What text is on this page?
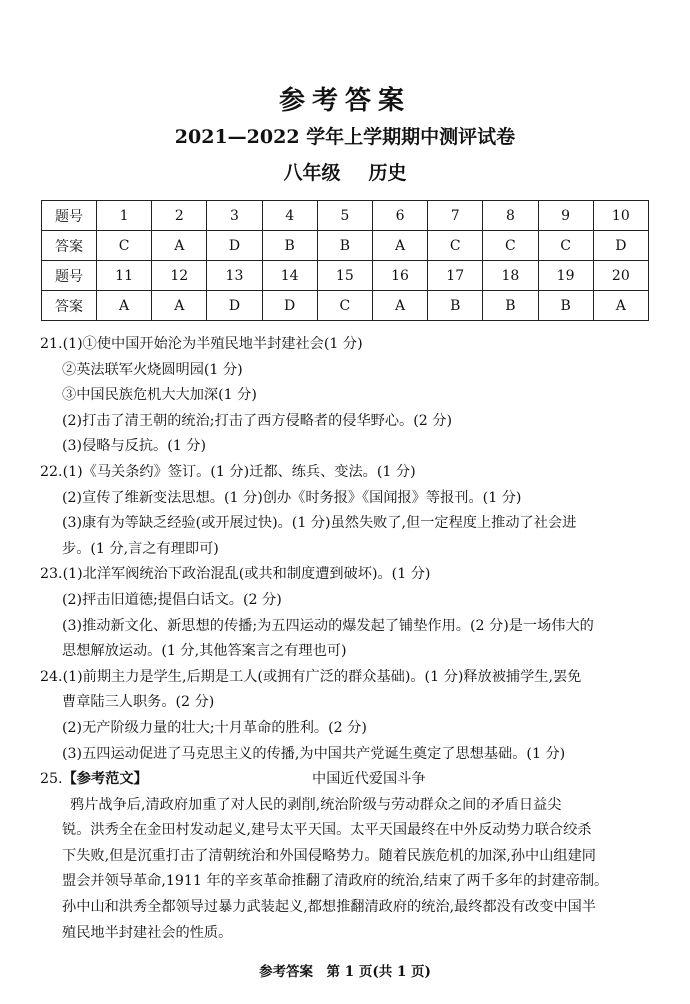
参考答案
2021—2022 学年上学期期中测评试卷
八年级 历史
题号	1	2	3	4	5	6	7	8	9	10
答案	C	A	D	B	B	A	C	C	C	D
题号	11	12	13	14	15	16	17	18	19	20
答案	A	A	D	D	C	A	B	B	B	A
21.(1)①使中国开始沦为半殖民地半封建社会(1 分)
②英法联军火烧圆明园(1 分)
③中国民族危机大大加深(1 分)
(2)打击了清王朝的统治;打击了西方侵略者的侵华野心。(2 分)
(3)侵略与反抗。(1 分)
22.(1)《马关条约》签订。(1 分)迁都、练兵、变法。(1 分)
(2)宣传了维新变法思想。(1 分)创办《时务报》《国闻报》等报刊。(1 分)
(3)康有为等缺乏经验(或开展过快)。(1 分)虽然失败了,但一定程度上推动了社会进
步。(1 分,言之有理即可)
23.(1)北洋军阀统治下政治混乱(或共和制度遭到破坏)。(1 分)
(2)抨击旧道德;提倡白话文。(2 分)
(3)推动新文化、新思想的传播;为五四运动的爆发起了铺垫作用。(2 分)是一场伟大的
思想解放运动。(1 分,其他答案言之有理也可)
24.(1)前期主力是学生,后期是工人(或拥有广泛的群众基础)。(1 分)释放被捕学生,罢免
曹章陆三人职务。(2 分)
(2)无产阶级力量的壮大;十月革命的胜利。(2 分)
(3)五四运动促进了马克思主义的传播,为中国共产党诞生奠定了思想基础。(1 分)
25.【参考范文】	中国近代爱国斗争
鸦片战争后,清政府加重了对人民的剥削,统治阶级与劳动群众之间的矛盾日益尖
锐。洪秀全在金田村发动起义,建号太平天国。太平天国最终在中外反动势力联合绞杀
下失败,但是沉重打击了清朝统治和外国侵略势力。随着民族危机的加深,孙中山组建同
盟会并领导革命,1911 年的辛亥革命推翻了清政府的统治,结束了两千多年的封建帝制。
孙中山和洪秀全都领导过暴力武装起义,都想推翻清政府的统治,最终都没有改变中国半
殖民地半封建社会的性质。
参考答案　第 1 页(共 1 页)
